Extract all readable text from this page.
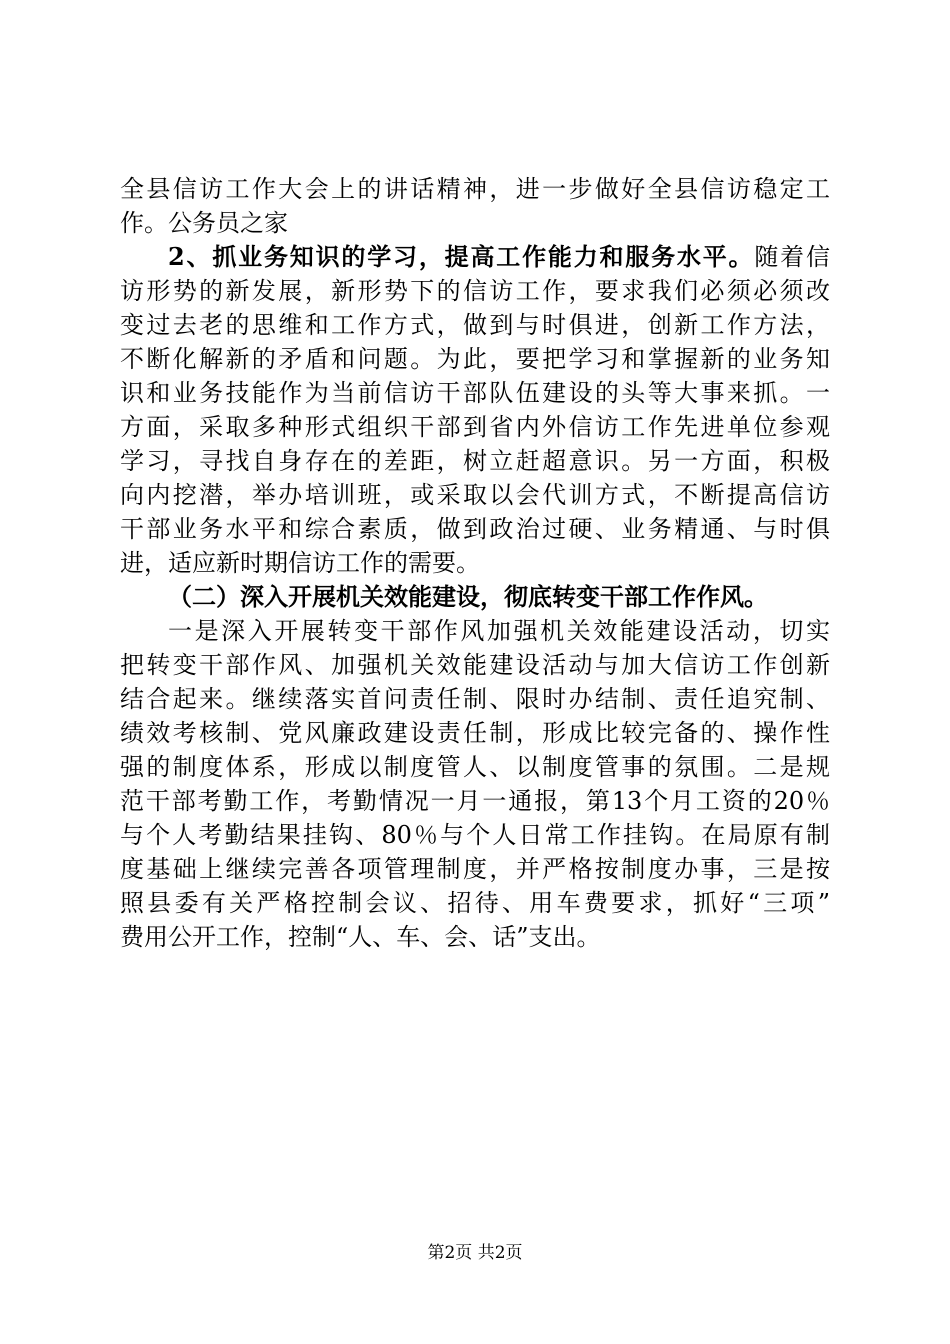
全县信访工作大会上的讲话精神，进一步做好全县信访稳定工
作。公务员之家
2、抓业务知识的学习，提高工作能力和服务水平。随着信
访形势的新发展，新形势下的信访工作，要求我们必须必须改
变过去老的思维和工作方式，做到与时俱进，创新工作方法，
不断化解新的矛盾和问题。为此，要把学习和掌握新的业务知
识和业务技能作为当前信访干部队伍建设的头等大事来抓。一
方面，采取多种形式组织干部到省内外信访工作先进单位参观
学习，寻找自身存在的差距，树立赶超意识。另一方面，积极
向内挖潜，举办培训班，或采取以会代训方式，不断提高信访
干部业务水平和综合素质，做到政治过硬、业务精通、与时俱
进，适应新时期信访工作的需要。
（二）深入开展机关效能建设，彻底转变干部工作作风。
一是深入开展转变干部作风加强机关效能建设活动，切实
把转变干部作风、加强机关效能建设活动与加大信访工作创新
结合起来。继续落实首问责任制、限时办结制、责任追究制、
绩效考核制、党风廉政建设责任制，形成比较完备的、操作性
强的制度体系，形成以制度管人、以制度管事的氛围。二是规
范干部考勤工作，考勤情况一月一通报，第13个月工资的20％
与个人考勤结果挂钩、80％与个人日常工作挂钩。在局原有制
度基础上继续完善各项管理制度，并严格按制度办事，三是按
照县委有关严格控制会议、招待、用车费要求，抓好“三项”
费用公开工作，控制“人、车、会、话”支出。
第2页 共2页
